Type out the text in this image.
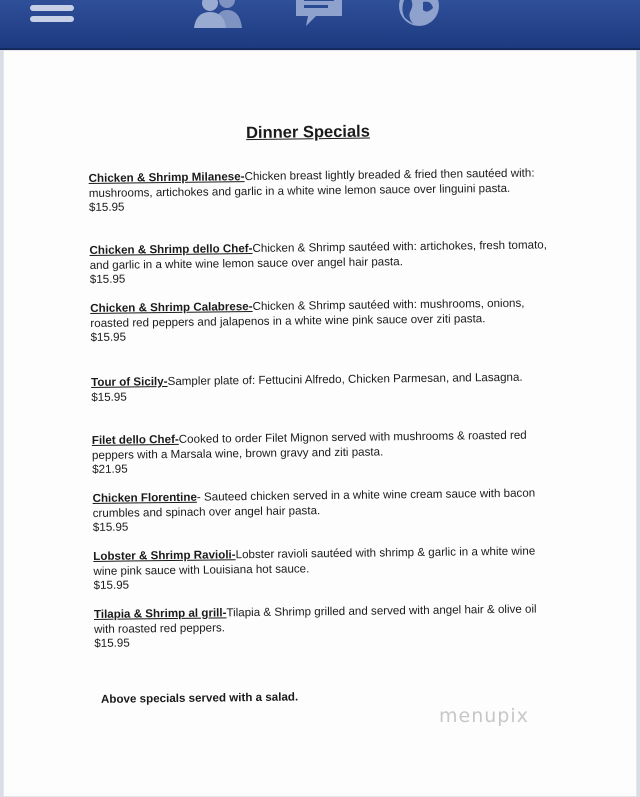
Dinner Specials
Chicken & Shrimp Milanese-Chicken breast lightly breaded & fried then sautéed with: mushrooms, artichokes and garlic in a white wine lemon sauce over linguini pasta.
$15.95
Chicken & Shrimp dello Chef-Chicken & Shrimp sautéed with: artichokes, fresh tomato, and garlic in a white wine lemon sauce over angel hair pasta.
$15.95
Chicken & Shrimp Calabrese-Chicken & Shrimp sautéed with: mushrooms, onions, roasted red peppers and jalapenos in a white wine pink sauce over ziti pasta.
$15.95
Tour of Sicily-Sampler plate of: Fettucini Alfredo, Chicken Parmesan, and Lasagna.
$15.95
Filet dello Chef-Cooked to order Filet Mignon served with mushrooms & roasted red peppers with a Marsala wine, brown gravy and ziti pasta.
$21.95
Chicken Florentine- Sauteed chicken served in a white wine cream sauce with bacon crumbles and spinach over angel hair pasta.
$15.95
Lobster & Shrimp Ravioli-Lobster ravioli sautéed with shrimp & garlic in a white wine wine pink sauce with Louisiana hot sauce.
$15.95
Tilapia & Shrimp al grill-Tilapia & Shrimp grilled and served with angel hair & olive oil with roasted red peppers.
$15.95
Above specials served with a salad.
menupix
